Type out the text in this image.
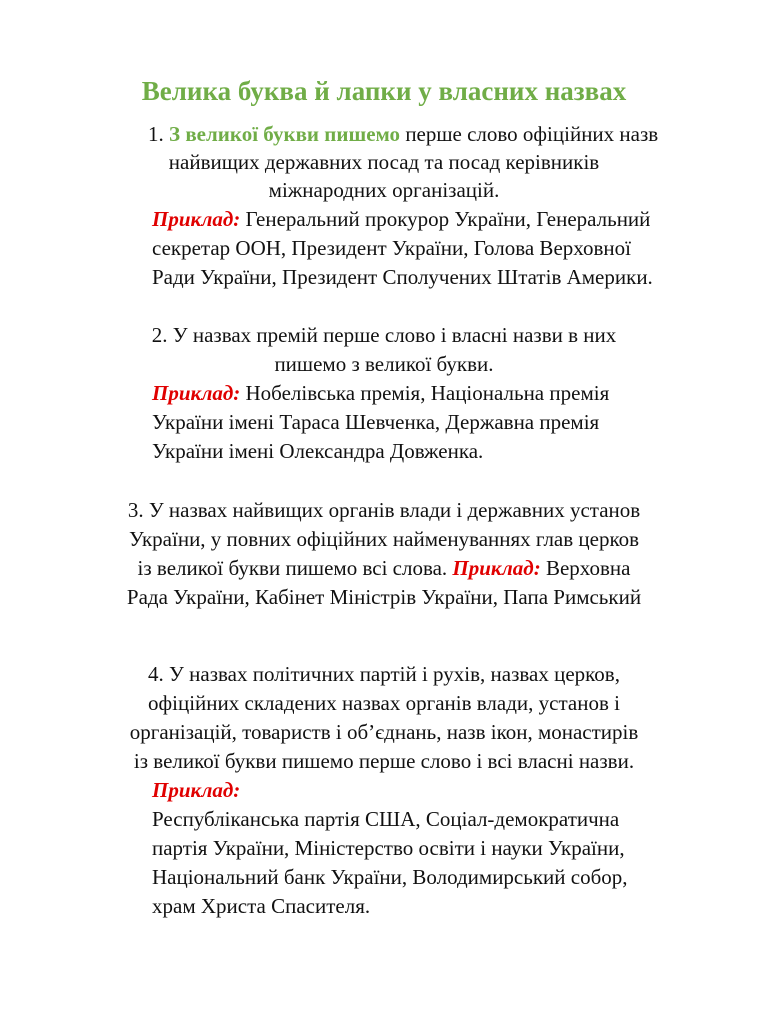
Велика буква й лапки у власних назвах
1. З великої букви пишемо перше слово офіційних назв
найвищих державних посад та посад керівників
міжнародних організацій.
Приклад: Генеральний прокурор України, Генеральний
секретар ООН, Президент України, Голова Верховної
Ради України, Президент Сполучених Штатів Америки.
2. У назвах премій перше слово і власні назви в них
пишемо з великої букви.
Приклад: Нобелівська премія, Національна премія
України імені Тараса Шевченка, Державна премія
України імені Олександра Довженка.
3. У назвах найвищих органів влади і державних установ
України, у повних офіційних найменуваннях глав церков
із великої букви пишемо всі слова. Приклад: Верховна
Рада України, Кабінет Міністрів України, Папа Римський
4. У назвах політичних партій і рухів, назвах церков,
офіційних складених назвах органів влади, установ і
організацій, товариств і об’єднань, назв ікон, монастирів
із великої букви пишемо перше слово і всі власні назви.
Приклад:
Республіканська партія США, Соціал-демократична
партія України, Міністерство освіти і науки України,
Національний банк України, Володимирський собор,
храм Христа Спасителя.
